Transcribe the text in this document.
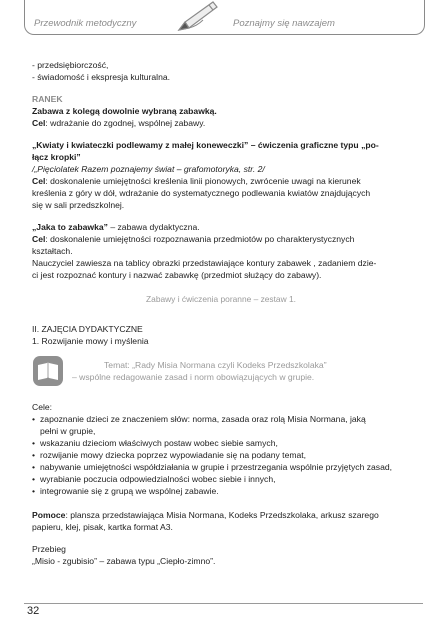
Przewodnik metodyczny	Poznajmy się nawzajem

- przedsiębiorczość,

- świadomość i ekspresja kulturalna.

RANEK

Zabawa z kolegą dowolnie wybraną zabawką.

Cel: wdrażanie do zgodnej, wspólnej zabawy.

„Kwiaty i kwiateczki podlewamy z małej koneweczki” – ćwiczenia graficzne typu „po-

łącz kropki”

/„Pięciolatek Razem poznajemy świat – grafomotoryka, str. 2/

Cel: doskonalenie umiejętności kreślenia linii pionowych, zwrócenie uwagi na kierunek

kreślenia z góry w dół, wdrażanie do systematycznego podlewania kwiatów znajdujących

się w sali przedszkolnej.

„Jaka to zabawka” – zabawa dydaktyczna.

Cel: doskonalenie umiejętności rozpoznawania przedmiotów po charakterystycznych

kształtach.

Nauczyciel zawiesza na tablicy obrazki przedstawiające kontury zabawek , zadaniem dzie-

ci jest rozpoznać kontury i nazwać zabawkę (przedmiot służący do zabawy).

Zabawy i ćwiczenia poranne – zestaw 1.

II. ZAJĘCIA DYDAKTYCZNE

1. Rozwijanie mowy i myślenia

Temat: „Rady Misia Normana czyli Kodeks Przedszkolaka”

– wspólne redagowanie zasad i norm obowiązujących w grupie.

Cele:

• zapoznanie dzieci ze znaczeniem słów: norma, zasada oraz rolą Misia Normana, jaką
pełni w grupie,
• wskazaniu dzieciom właściwych postaw wobec siebie samych,
• rozwijanie mowy dziecka poprzez wypowiadanie się na podany temat,
• nabywanie umiejętności współdziałania w grupie i przestrzegania wspólnie przyjętych zasad,
• wyrabianie poczucia odpowiedzialności wobec siebie i innych,
• integrowanie się z grupą we wspólnej zabawie.

Pomoce: plansza przedstawiająca Misia Normana, Kodeks Przedszkolaka, arkusz szarego

papieru, klej, pisak, kartka format A3.

Przebieg

„Misio - zgubisio” – zabawa typu „Ciepło-zimno”.

32
